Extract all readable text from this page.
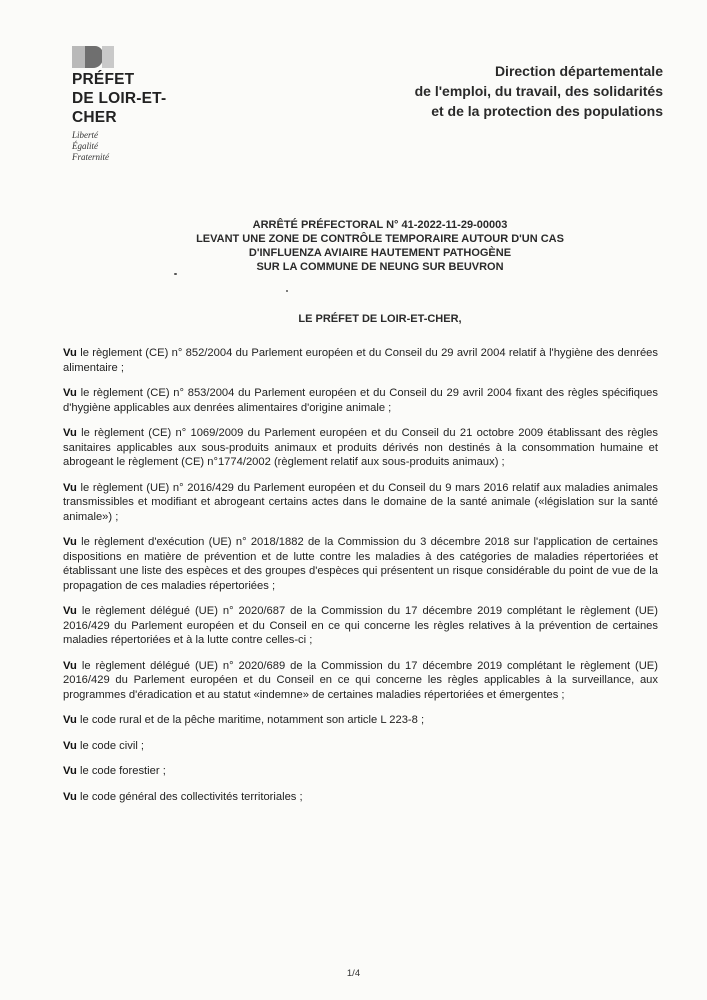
PRÉFET
DE LOIR-ET-CHER
Liberté
Égalité
Fraternité
Direction départementale
de l'emploi, du travail, des solidarités
et de la protection des populations
ARRÊTÉ PRÉFECTORAL N° 41-2022-11-29-00003
LEVANT UNE ZONE DE CONTRÔLE TEMPORAIRE AUTOUR D'UN CAS
D'INFLUENZA AVIAIRE HAUTEMENT PATHOGÈNE
SUR LA COMMUNE DE NEUNG SUR BEUVRON
LE PRÉFET DE LOIR-ET-CHER,

Vu le règlement (CE) n° 852/2004 du Parlement européen et du Conseil du 29 avril 2004 relatif à l'hygiène des denrées alimentaire ;

Vu le règlement (CE) n° 853/2004 du Parlement européen et du Conseil du 29 avril 2004 fixant des règles spécifiques d'hygiène applicables aux denrées alimentaires d'origine animale ;

Vu le règlement (CE) n° 1069/2009 du Parlement européen et du Conseil du 21 octobre 2009 établissant des règles sanitaires applicables aux sous-produits animaux et produits dérivés non destinés à la consommation humaine et abrogeant le règlement (CE) n°1774/2002 (règlement relatif aux sous-produits animaux) ;

Vu le règlement (UE) n° 2016/429 du Parlement européen et du Conseil du 9 mars 2016 relatif aux maladies animales transmissibles et modifiant et abrogeant certains actes dans le domaine de la santé animale («législation sur la santé animale») ;

Vu le règlement d'exécution (UE) n° 2018/1882 de la Commission du 3 décembre 2018 sur l'application de certaines dispositions en matière de prévention et de lutte contre les maladies à des catégories de maladies répertoriées et établissant une liste des espèces et des groupes d'espèces qui présentent un risque considérable du point de vue de la propagation de ces maladies répertoriées ;

Vu le règlement délégué (UE) n° 2020/687 de la Commission du 17 décembre 2019 complétant le règlement (UE) 2016/429 du Parlement européen et du Conseil en ce qui concerne les règles relatives à la prévention de certaines maladies répertoriées et à la lutte contre celles-ci ;

Vu le règlement délégué (UE) n° 2020/689 de la Commission du 17 décembre 2019 complétant le règlement (UE) 2016/429 du Parlement européen et du Conseil en ce qui concerne les règles applicables à la surveillance, aux programmes d'éradication et au statut «indemne» de certaines maladies répertoriées et émergentes ;

Vu le code rural et de la pêche maritime, notamment son article L 223-8 ;

Vu le code civil ;

Vu le code forestier ;

Vu le code général des collectivités territoriales ;

1/4
